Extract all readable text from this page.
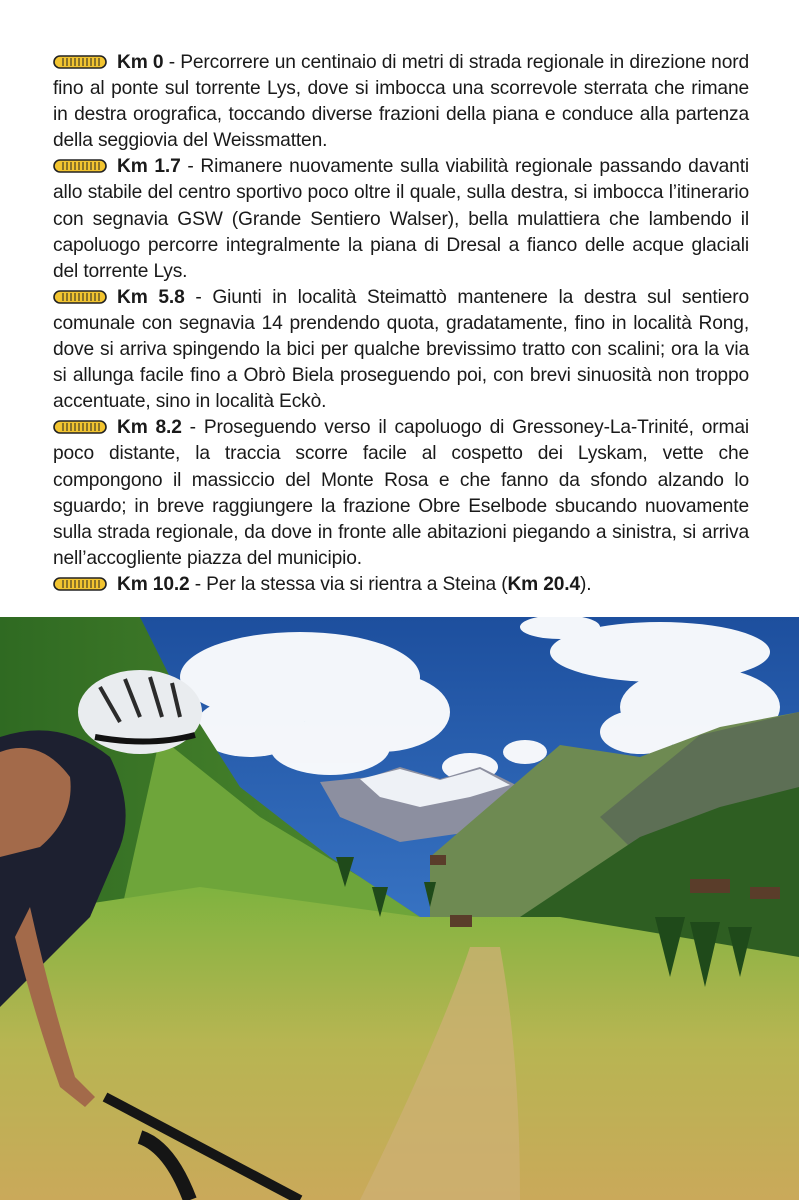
Km 0 - Percorrere un centinaio di metri di strada regionale in direzione nord fino al ponte sul torrente Lys, dove si imbocca una scorrevole sterrata che rimane in destra orografica, toccando diverse frazioni della piana e conduce alla partenza della seggiovia del Weissmatten.

Km 1.7 - Rimanere nuovamente sulla viabilità regionale passando davanti allo stabile del centro sportivo poco oltre il quale, sulla destra, si imbocca l’itinerario con segnavia GSW (Grande Sentiero Walser), bella mulattiera che lambendo il capoluogo percorre integralmente la piana di Dresal a fianco delle acque glaciali del torrente Lys.

Km 5.8 - Giunti in località Steimattò mantenere la destra sul sentiero comunale con segnavia 14 prendendo quota, gradatamente, fino in località Rong, dove si arriva spingendo la bici per qualche brevissimo tratto con scalini; ora la via si allunga facile fino a Obrò Biela proseguendo poi, con brevi sinuosità non troppo accentuate, sino in località Eckò.

Km 8.2 - Proseguendo verso il capoluogo di Gressoney-La-Trinité, ormai poco distante, la traccia scorre facile al cospetto dei Lyskam, vette che compongono il massiccio del Monte Rosa e che fanno da sfondo alzando lo sguardo; in breve raggiungere la frazione Obre Eselbode sbucando nuovamente sulla strada regionale, da dove in fronte alle abitazioni piegando a sinistra, si arriva nell’accogliente piazza del municipio.

Km 10.2 - Per la stessa via si rientra a Steina (Km 20.4).
